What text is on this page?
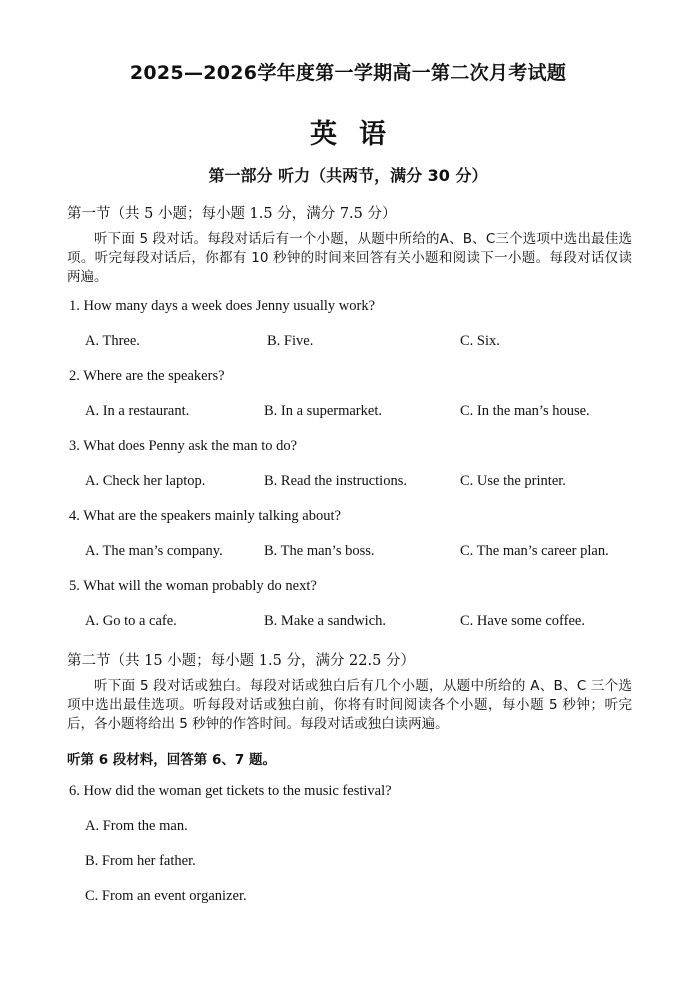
2025—2026学年度第一学期高一第二次月考试题
英语
第一部分 听力（共两节，满分 30 分）
第一节（共 5 小题；每小题 1.5 分，满分 7.5 分）
听下面 5 段对话。每段对话后有一个小题，从题中所给的A、B、C三个选项中选出最佳选项。听完每段对话后，你都有 10 秒钟的时间来回答有关小题和阅读下一小题。每段对话仅读两遍。
1. How many days a week does Jenny usually work?
A. Three.	B. Five.	C. Six.
2. Where are the speakers?
A. In a restaurant.	B. In a supermarket.	C. In the man’s house.
3. What does Penny ask the man to do?
A. Check her laptop.	B. Read the instructions.	C. Use the printer.
4. What are the speakers mainly talking about?
A. The man’s company.	B. The man’s boss.	C. The man’s career plan.
5. What will the woman probably do next?
A. Go to a cafe.	B. Make a sandwich.	C. Have some coffee.
第二节（共 15 小题；每小题 1.5 分，满分 22.5 分）
听下面 5 段对话或独白。每段对话或独白后有几个小题，从题中所给的 A、B、C 三个选项中选出最佳选项。听每段对话或独白前，你将有时间阅读各个小题，每小题 5 秒钟；听完后，各小题将给出 5 秒钟的作答时间。每段对话或独白读两遍。
听第 6 段材料，回答第 6、7 题。
6. How did the woman get tickets to the music festival?
A. From the man.
B. From her father.
C. From an event organizer.
